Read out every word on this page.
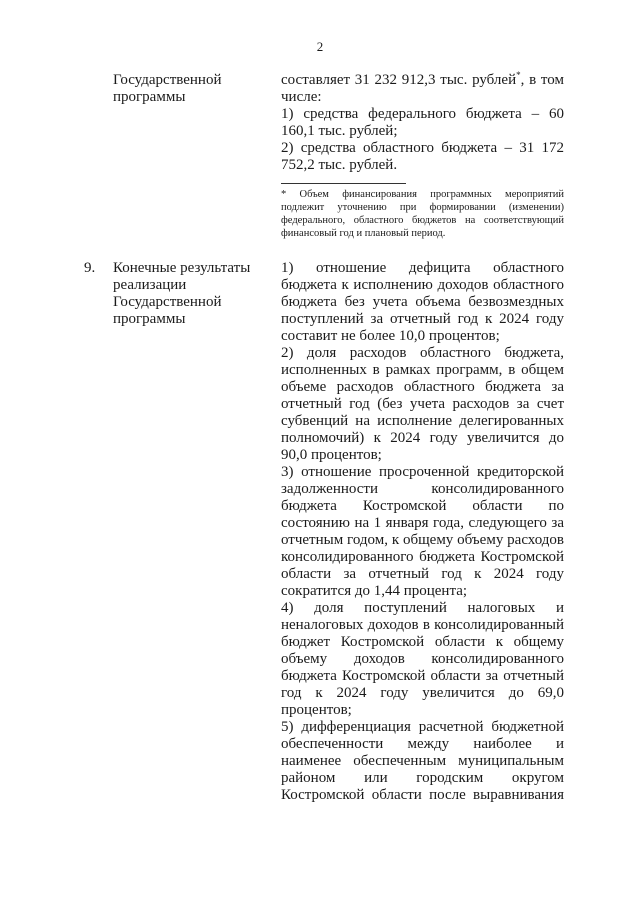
2
Государственной программы

составляет 31 232 912,3 тыс. рублей*, в том числе:

1) средства федерального бюджета – 60 160,1 тыс. рублей;

2) средства областного бюджета – 31 172 752,2 тыс. рублей.

* Объем финансирования программных мероприятий подлежит уточнению при формировании (изменении) федерального, областного бюджетов на соответствующий финансовый год и плановый период.

9. Конечные результаты реализации Государственной программы

1) отношение дефицита областного бюджета к исполнению доходов областного бюджета без учета объема безвозмездных поступлений за отчетный год к 2024 году составит не более 10,0 процентов;

2) доля расходов областного бюджета, исполненных в рамках программ, в общем объеме расходов областного бюджета за отчетный год (без учета расходов за счет субвенций на исполнение делегированных полномочий) к 2024 году увеличится до 90,0 процентов;

3) отношение просроченной кредиторской задолженности консолидированного бюджета Костромской области по состоянию на 1 января года, следующего за отчетным годом, к общему объему расходов консолидированного бюджета Костромской области за отчетный год к 2024 году сократится до 1,44 процента;

4) доля поступлений налоговых и неналоговых доходов в консолидированный бюджет Костромской области к общему объему доходов консолидированного бюджета Костромской области за отчетный год к 2024 году увеличится до 69,0 процентов;

5) дифференциация расчетной бюджетной обеспеченности между наиболее и наименее обеспеченным муниципальным районом или городским округом Костромской области после выравнивания
